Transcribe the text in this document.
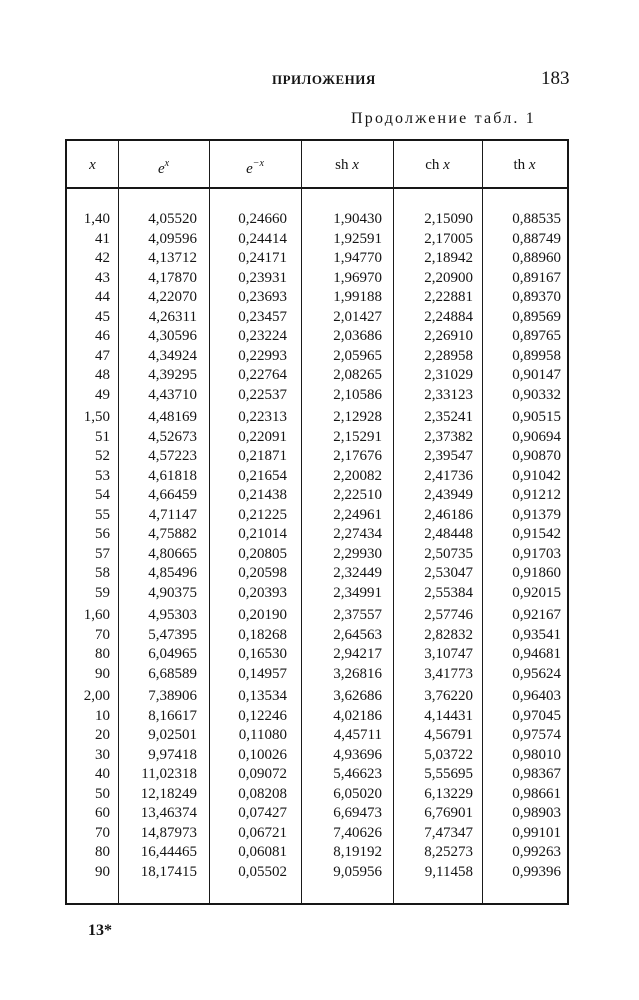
ПРИЛОЖЕНИЯ	183
Продолжение табл. 1
x	$e^x$	$e^{-x}$	sh x	ch x	th x
1,40	4,05520	0,24660	1,90430	2,15090	0,88535
41	4,09596	0,24414	1,92591	2,17005	0,88749
42	4,13712	0,24171	1,94770	2,18942	0,88960
43	4,17870	0,23931	1,96970	2,20900	0,89167
44	4,22070	0,23693	1,99188	2,22881	0,89370
45	4,26311	0,23457	2,01427	2,24884	0,89569
46	4,30596	0,23224	2,03686	2,26910	0,89765
47	4,34924	0,22993	2,05965	2,28958	0,89958
48	4,39295	0,22764	2,08265	2,31029	0,90147
49	4,43710	0,22537	2,10586	2,33123	0,90332
1,50	4,48169	0,22313	2,12928	2,35241	0,90515
51	4,52673	0,22091	2,15291	2,37382	0,90694
52	4,57223	0,21871	2,17676	2,39547	0,90870
53	4,61818	0,21654	2,20082	2,41736	0,91042
54	4,66459	0,21438	2,22510	2,43949	0,91212
55	4,71147	0,21225	2,24961	2,46186	0,91379
56	4,75882	0,21014	2,27434	2,48448	0,91542
57	4,80665	0,20805	2,29930	2,50735	0,91703
58	4,85496	0,20598	2,32449	2,53047	0,91860
59	4,90375	0,20393	2,34991	2,55384	0,92015
1,60	4,95303	0,20190	2,37557	2,57746	0,92167
70	5,47395	0,18268	2,64563	2,82832	0,93541
80	6,04965	0,16530	2,94217	3,10747	0,94681
90	6,68589	0,14957	3,26816	3,41773	0,95624
2,00	7,38906	0,13534	3,62686	3,76220	0,96403
10	8,16617	0,12246	4,02186	4,14431	0,97045
20	9,02501	0,11080	4,45711	4,56791	0,97574
30	9,97418	0,10026	4,93696	5,03722	0,98010
40 11,02318	0,09072	5,46623	5,55695	0,98367
50 12,18249	0,08208	6,05020	6,13229	0,98661
60 13,46374	0,07427	6,69473	6,76901	0,98903
70 14,87973	0,06721	7,40626	7,47347	0,99101
80 16,44465	0,06081	8,19192	8,25273	0,99263
90 18,17415	0,05502	9,05956	9,11458	0,99396
13*
